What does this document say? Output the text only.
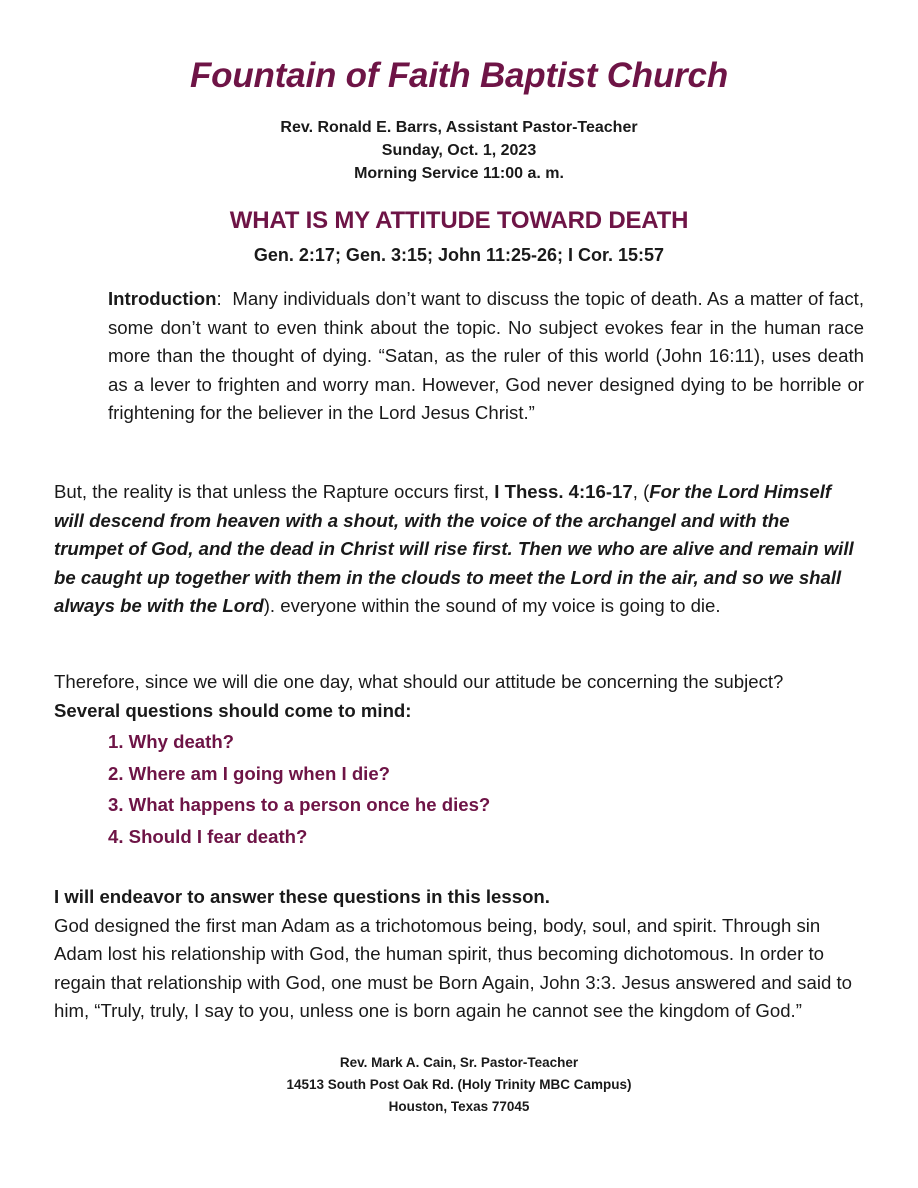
Fountain of Faith Baptist Church
Rev. Ronald E. Barrs, Assistant Pastor-Teacher
Sunday, Oct. 1, 2023
Morning Service 11:00 a. m.
WHAT IS MY ATTITUDE TOWARD DEATH

Gen. 2:17; Gen. 3:15; John 11:25-26; I Cor. 15:57

Introduction:  Many individuals don’t want to discuss the topic of death. As a matter of fact, some don’t want to even think about the topic. No subject evokes fear in the human race more than the thought of dying. “Satan, as the ruler of this world (John 16:11), uses death as a lever to frighten and worry man. However, God never designed dying to be horrible or frightening for the believer in the Lord Jesus Christ.”

But, the reality is that unless the Rapture occurs first, I Thess. 4:16-17, (For the Lord Himself will descend from heaven with a shout, with the voice of the archangel and with the trumpet of God, and the dead in Christ will rise first. Then we who are alive and remain will be caught up together with them in the clouds to meet the Lord in the air, and so we shall always be with the Lord). everyone within the sound of my voice is going to die.

Therefore, since we will die one day, what should our attitude be concerning the subject? Several questions should come to mind:

1. Why death?
2. Where am I going when I die?
3. What happens to a person once he dies?
4. Should I fear death?

I will endeavor to answer these questions in this lesson.
God designed the first man Adam as a trichotomous being, body, soul, and spirit. Through sin Adam lost his relationship with God, the human spirit, thus becoming dichotomous. In order to regain that relationship with God, one must be Born Again, John 3:3. Jesus answered and said to him, “Truly, truly, I say to you, unless one is born again he cannot see the kingdom of God.”

Rev. Mark A. Cain, Sr. Pastor-Teacher
14513 South Post Oak Rd. (Holy Trinity MBC Campus)
Houston, Texas 77045
